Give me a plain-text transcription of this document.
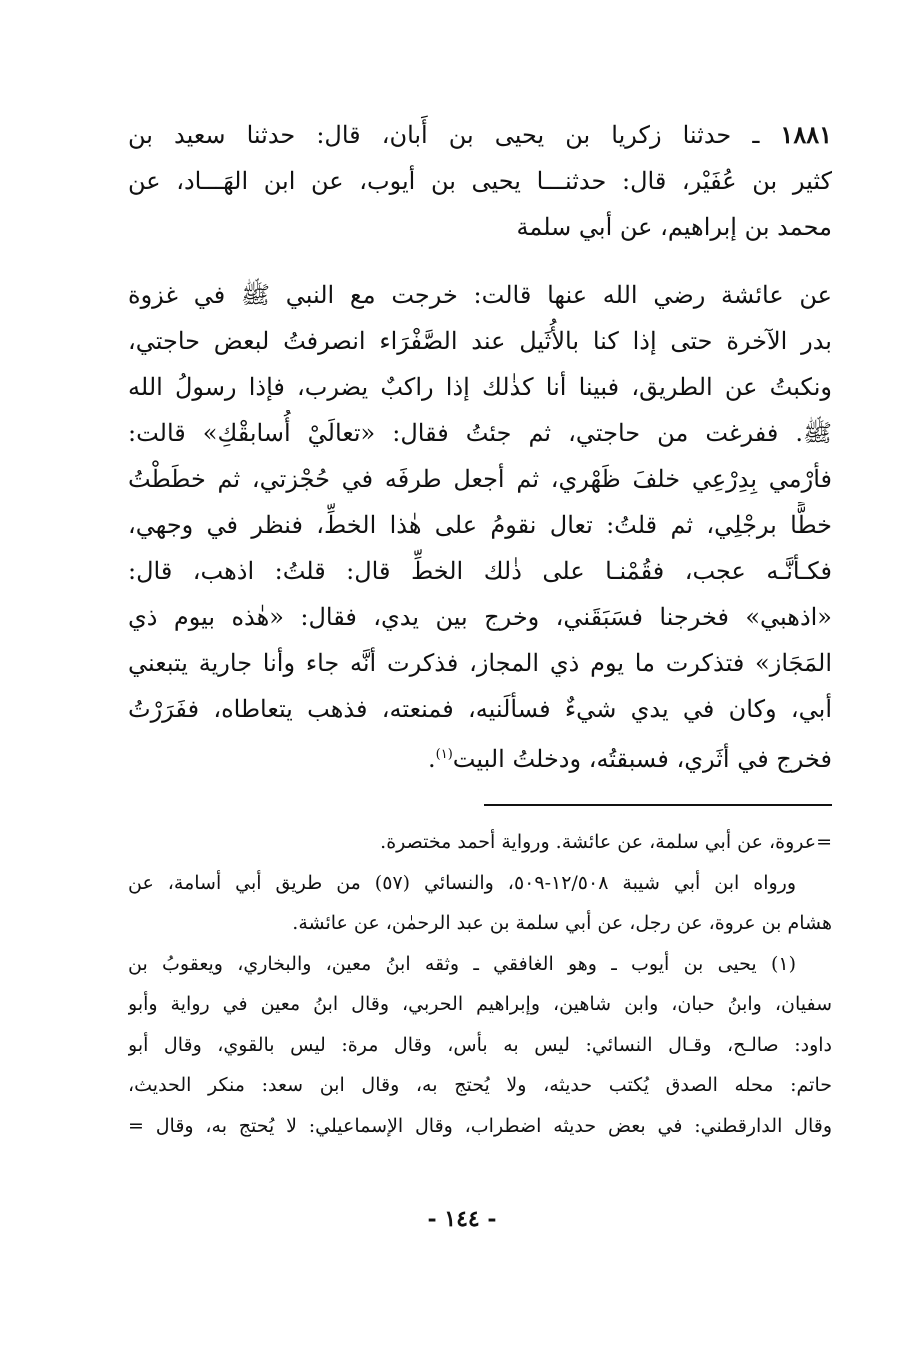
١٨٨١ ـ حدثنا زكريا بن يحيى بن أَبان، قال: حدثنا سعيد بن
كثير بن عُفَيْر، قال: حدثنـــا يحيى بن أيوب، عن ابن الهَـــاد، عن
محمد بن إبراهيم، عن أبي سلمة
عن عائشة رضي الله عنها قالت: خرجت مع النبي ﷺ في غزوة
بدر الآخرة حتى إذا كنا بالأُثَيل عند الصَّفْرَاء انصرفتُ لبعض حاجتي،
ونكبتُ عن الطريق، فبينا أنا كذٰلك إذا راكبٌ يضرب، فإذا رسولُ الله
ﷺ. ففرغت من حاجتي، ثم جئتُ فقال: «تعالَيْ أُسابقْكِ» قالت:
فأرْمي بِدِرْعِي خلفَ ظَهْري، ثم أجعل طرفَه في حُجْزتي، ثم خطَطْتُ
خطًّا برجْلِي، ثم قلتُ: تعال نقومُ على هٰذا الخطِّ، فنظر في وجهي،
فكـأنَّـه عجب، فقُمْنـا على ذٰلك الخطِّ قال: قلتُ: اذهب، قال:
«اذهبي» فخرجنا فسَبَقَني، وخرج بين يدي، فقال: «هٰذه بيوم ذي
المَجَاز» فتذكرت ما يوم ذي المجاز، فذكرت أنَّه جاء وأنا جارية يتبعني
أبي، وكان في يدي شيءٌ فسألَنيه، فمنعته، فذهب يتعاطاه، ففَرَرْتُ
فخرج في أثَري، فسبقتُه، ودخلتُ البيت$^{(١)}$.
=عروة، عن أبي سلمة، عن عائشة. ورواية أحمد مختصرة.
ورواه ابن أبي شيبة ١٢/٥٠٨-٥٠٩، والنسائي (٥٧) من طريق أبي أسامة، عن
هشام بن عروة، عن رجل، عن أبي سلمة بن عبد الرحمٰن، عن عائشة.
(١) يحيى بن أيوب ـ وهو الغافقي ـ وثقه ابنُ معين، والبخاري، ويعقوبُ بن
سفيان، وابنُ حبان، وابن شاهين، وإبراهيم الحربي، وقال ابنُ معين في رواية وأبو
داود: صالـح، وقـال النسائي: ليس به بأس، وقال مرة: ليس بالقوي، وقال أبو
حاتم: محله الصدق يُكتب حديثه، ولا يُحتج به، وقال ابن سعد: منكر الحديث،
وقال الدارقطني: في بعض حديثه اضطراب، وقال الإسماعيلي: لا يُحتج به، وقال =
- ١٤٤ -
